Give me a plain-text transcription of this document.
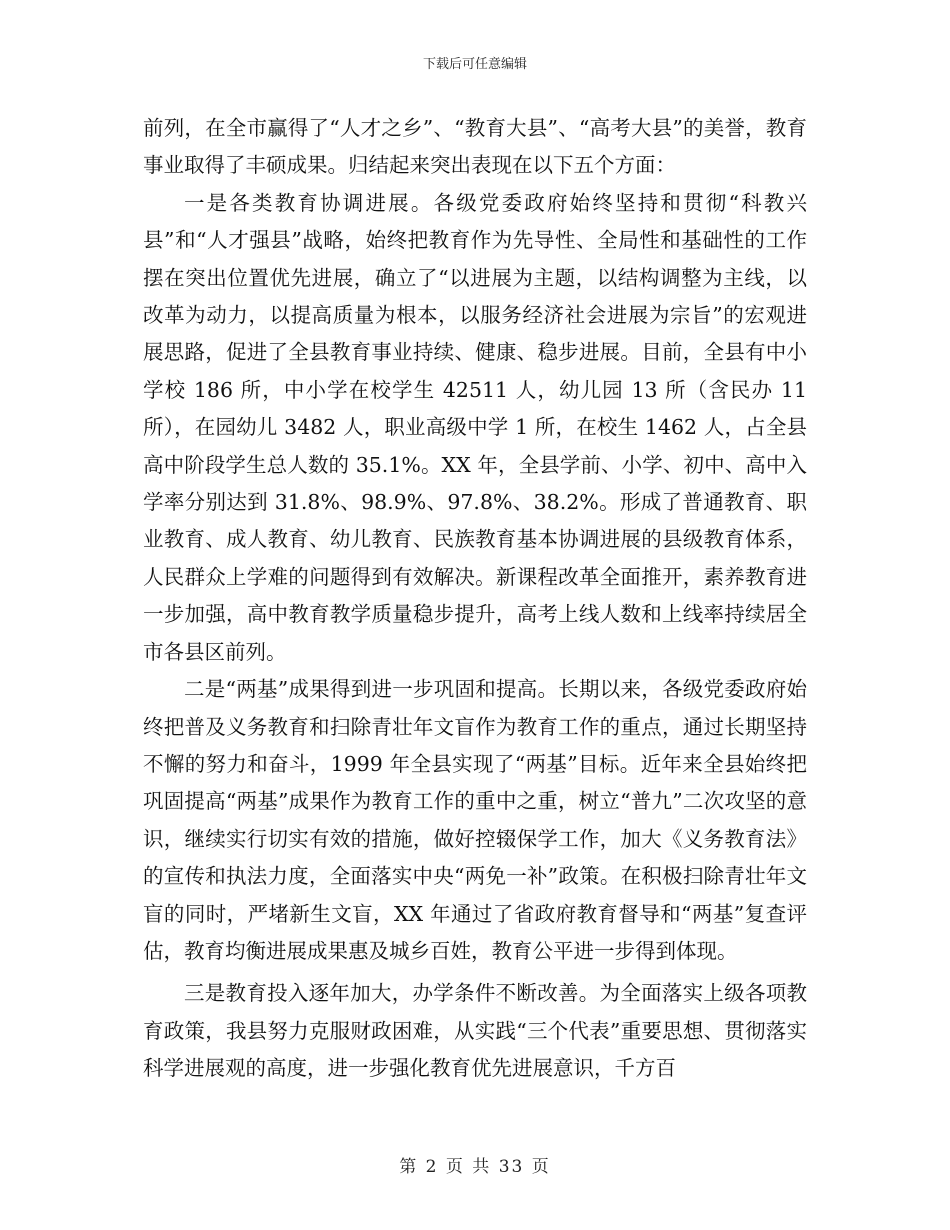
下载后可任意编辑

前列，在全市赢得了“人才之乡”、“教育大县”、“高考大县”的美誉，教育事业取得了丰硕成果。归结起来突出表现在以下五个方面：

一是各类教育协调进展。各级党委政府始终坚持和贯彻“科教兴县”和“人才强县”战略，始终把教育作为先导性、全局性和基础性的工作摆在突出位置优先进展，确立了“以进展为主题，以结构调整为主线，以改革为动力，以提高质量为根本，以服务经济社会进展为宗旨”的宏观进展思路，促进了全县教育事业持续、健康、稳步进展。目前，全县有中小学校 186 所，中小学在校学生 42511 人，幼儿园 13 所（含民办 11 所），在园幼儿 3482 人，职业高级中学 1 所，在校生 1462 人，占全县高中阶段学生总人数的 35.1%。XX 年，全县学前、小学、初中、高中入学率分别达到 31.8%、98.9%、97.8%、38.2%。形成了普通教育、职业教育、成人教育、幼儿教育、民族教育基本协调进展的县级教育体系，人民群众上学难的问题得到有效解决。新课程改革全面推开，素养教育进一步加强，高中教育教学质量稳步提升，高考上线人数和上线率持续居全市各县区前列。

二是“两基”成果得到进一步巩固和提高。长期以来，各级党委政府始终把普及义务教育和扫除青壮年文盲作为教育工作的重点，通过长期坚持不懈的努力和奋斗，1999 年全县实现了“两基”目标。近年来全县始终把巩固提高“两基”成果作为教育工作的重中之重，树立“普九”二次攻坚的意识，继续实行切实有效的措施，做好控辍保学工作，加大《义务教育法》的宣传和执法力度，全面落实中央“两免一补”政策。在积极扫除青壮年文盲的同时，严堵新生文盲，XX 年通过了省政府教育督导和“两基”复查评估，教育均衡进展成果惠及城乡百姓，教育公平进一步得到体现。

三是教育投入逐年加大，办学条件不断改善。为全面落实上级各项教育政策，我县努力克服财政困难，从实践“三个代表”重要思想、贯彻落实科学进展观的高度，进一步强化教育优先进展意识，千方百

第 2 页 共 33 页
